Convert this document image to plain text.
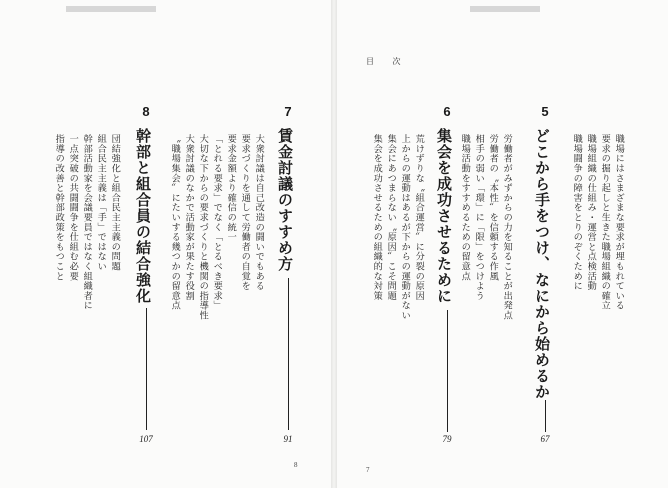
目 次
5
どこから手をつけ、なにから始めるか
67
職場にはさまざまな要求が埋もれている
要求の掘り起しと生きた職場組織の確立
職場組織の仕組み・運営と点検活動
職場闘争の障害をとりのぞくために
6
集会を成功させるために
79
労働者がみずからの力を知ることが出発点
労働者の〝本性〟を信頼する作風
相手の弱い「環」に「限」をつけよう
職場活動をすすめるための留意点
荒けずりな〝組合運営〟に分裂の原因
上からの運動はあるが下からの運動がない
集会にあつまらない〝原因〟こそ問題
集会を成功させるための組織的な対策
7
賃金討議のすすめ方
91
大衆討議は自己改造の闘いでもある
要求づくりを通して労働者の自覚を
要求金額より確信の統一
「とれる要求」でなく「とるべき要求」
大切な下からの要求づくりと機関の指導性
大衆討議のなかで活動家が果たす役割
〝職場集会〟にたいする幾つかの留意点
8
幹部と組合員の結合強化
107
団結強化と組合民主主義の問題
組合民主主義は「手」ではない
幹部活動家を会議要員ではなく組織者に
一点突破の共闘闘争を仕組む必要
指導の改善と幹部政策をもつこと
8
7
